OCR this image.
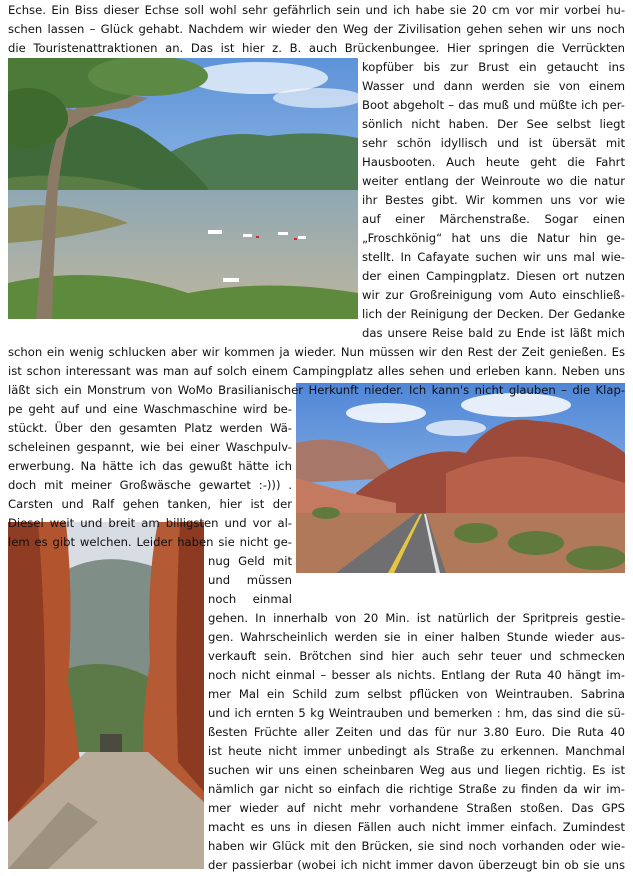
Echse. Ein Biss dieser Echse soll wohl sehr gefährlich sein und ich habe sie 20 cm vor mir vorbei hu-
schen lassen – Glück gehabt. Nachdem wir wieder den Weg der Zivilisation gehen sehen wir uns noch
die Touristenattraktionen an. Das ist hier z. B. auch Brückenbungee. Hier springen die Verrückten
kopfüber bis zur Brust ein getaucht ins
Wasser und dann werden sie von einem
Boot abgeholt – das muß und müßte ich per-
sönlich nicht haben. Der See selbst liegt
sehr schön idyllisch und ist übersät mit
Hausbooten. Auch heute geht die Fahrt
weiter entlang der Weinroute wo die natur
ihr Bestes gibt. Wir kommen uns vor wie
auf einer Märchenstraße. Sogar einen
„Froschkönig“ hat uns die Natur hin ge-
stellt. In Cafayate suchen wir uns mal wie-
der einen Campingplatz. Diesen ort nutzen
wir zur Großreinigung vom Auto einschließ-
lich der Reinigung der Decken. Der Gedanke
das unsere Reise bald zu Ende ist läßt mich
schon ein wenig schlucken aber wir kommen ja wieder. Nun müssen wir den Rest der Zeit genießen. Es
ist schon interessant was man auf solch einem Campingplatz alles sehen und erleben kann. Neben uns
läßt sich ein Monstrum von WoMo Brasilianischer Herkunft nieder. Ich kann's nicht glauben – die Klap-
pe geht auf und eine Waschmaschine wird be-
stückt. Über den gesamten Platz werden Wä-
scheleinen gespannt, wie bei einer Waschpulv-
erwerbung. Na hätte ich das gewußt hätte ich
doch mit meiner Großwäsche gewartet :-))) .
Carsten und Ralf gehen tanken, hier ist der
Diesel weit und breit am billigsten und vor al-
lem es gibt welchen. Leider haben sie nicht ge-
nug Geld mit
und müssen
noch einmal
gehen. In innerhalb von 20 Min. ist natürlich der Spritpreis gestie-
gen. Wahrscheinlich werden sie in einer halben Stunde wieder aus-
verkauft sein. Brötchen sind hier auch sehr teuer und schmecken
noch nicht einmal – besser als nichts. Entlang der Ruta 40 hängt im-
mer Mal ein Schild zum selbst pflücken von Weintrauben. Sabrina
und ich ernten 5 kg Weintrauben und bemerken : hm, das sind die sü-
ßesten Früchte aller Zeiten und das für nur 3.80 Euro. Die Ruta 40
ist heute nicht immer unbedingt als Straße zu erkennen. Manchmal
suchen wir uns einen scheinbaren Weg aus und liegen richtig. Es ist
nämlich gar nicht so einfach die richtige Straße zu finden da wir im-
mer wieder auf nicht mehr vorhandene Straßen stoßen. Das GPS
macht es uns in diesen Fällen auch nicht immer einfach. Zumindest
haben wir Glück mit den Brücken, sie sind noch vorhanden oder wie-
der passierbar (wobei ich nicht immer davon überzeugt bin ob sie uns
